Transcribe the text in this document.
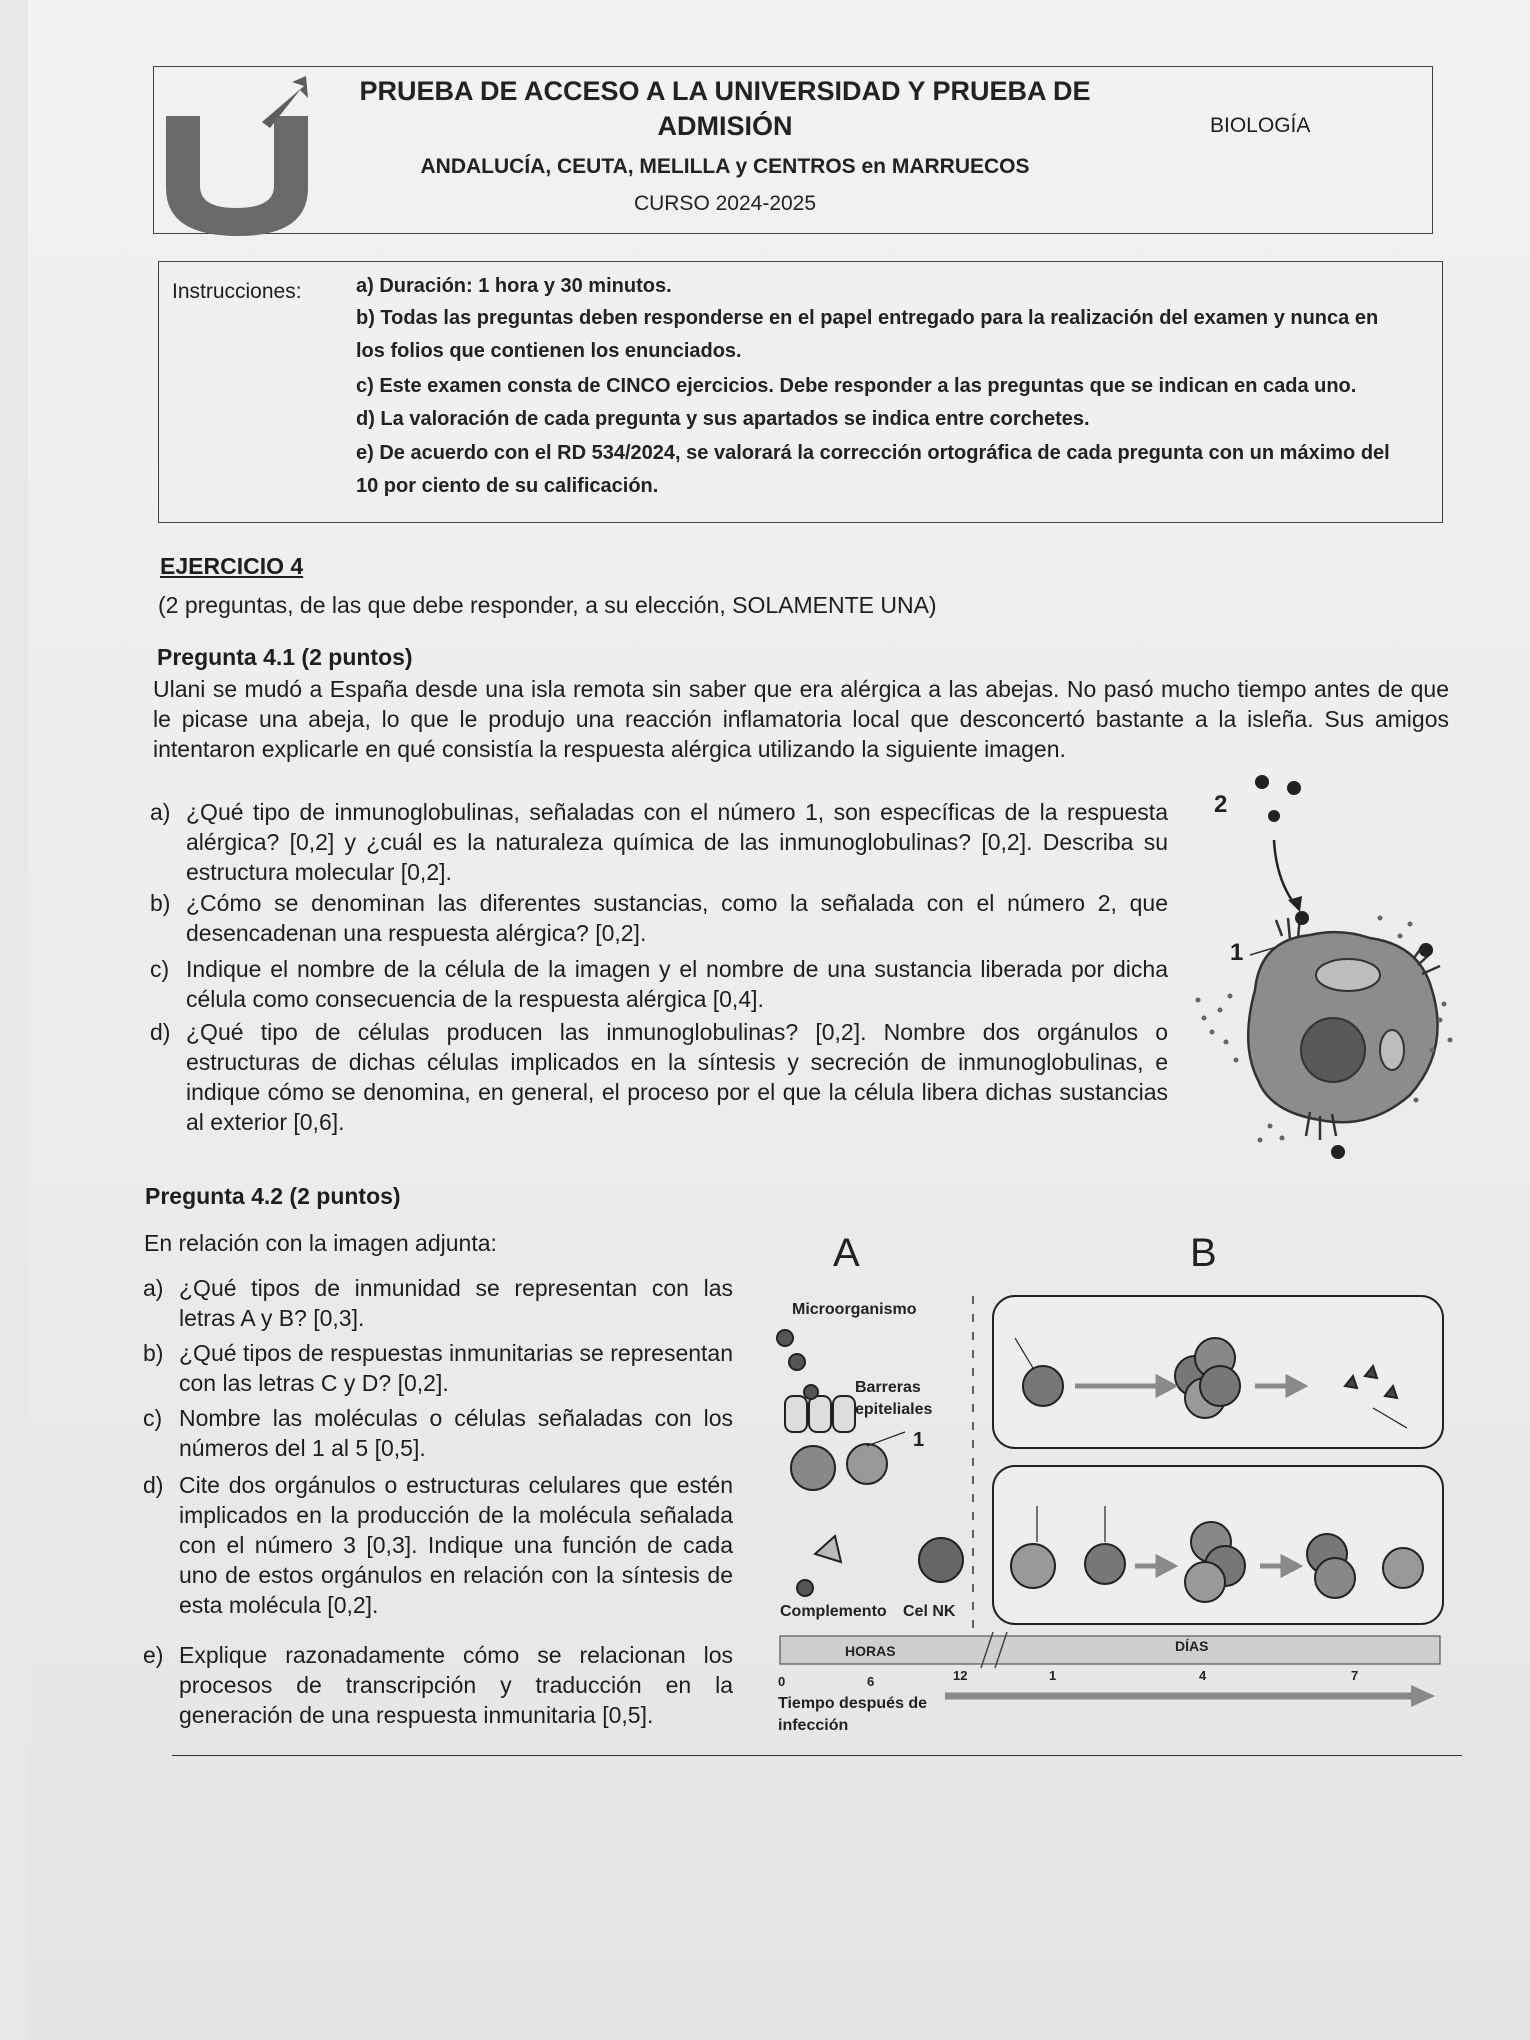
PRUEBA DE ACCESO A LA UNIVERSIDAD Y PRUEBA DE
ADMISIÓN
ANDALUCÍA, CEUTA, MELILLA y CENTROS en MARRUECOS
CURSO 2024-2025
BIOLOGÍA
Instrucciones:	a) Duración: 1 hora y 30 minutos.
b) Todas las preguntas deben responderse en el papel entregado para la realización del examen y nunca en los folios que contienen los enunciados.
c) Este examen consta de CINCO ejercicios. Debe responder a las preguntas que se indican en cada uno.
d) La valoración de cada pregunta y sus apartados se indica entre corchetes.
e) De acuerdo con el RD 534/2024, se valorará la corrección ortográfica de cada pregunta con un máximo del 10 por ciento de su calificación.
EJERCICIO 4
(2 preguntas, de las que debe responder, a su elección, SOLAMENTE UNA)
Pregunta 4.1 (2 puntos)
Ulani se mudó a España desde una isla remota sin saber que era alérgica a las abejas. No pasó mucho tiempo antes de que le picase una abeja, lo que le produjo una reacción inflamatoria local que desconcertó bastante a la isleña. Sus amigos intentaron explicarle en qué consistía la respuesta alérgica utilizando la siguiente imagen.
a) ¿Qué tipo de inmunoglobulinas, señaladas con el número 1, son específicas de la respuesta alérgica? [0,2] y ¿cuál es la naturaleza química de las inmunoglobulinas? [0,2]. Describa su estructura molecular [0,2].
b) ¿Cómo se denominan las diferentes sustancias, como la señalada con el número 2, que desencadenan una respuesta alérgica? [0,2].
c) Indique el nombre de la célula de la imagen y el nombre de una sustancia liberada por dicha célula como consecuencia de la respuesta alérgica [0,4].
d) ¿Qué tipo de células producen las inmunoglobulinas? [0,2]. Nombre dos orgánulos o estructuras de dichas células implicados en la síntesis y secreción de inmunoglobulinas, e indique cómo se denomina, en general, el proceso por el que la célula libera dichas sustancias al exterior [0,6].
2
1
Pregunta 4.2 (2 puntos)
En relación con la imagen adjunta:
a) ¿Qué tipos de inmunidad se representan con las letras A y B? [0,3].
b) ¿Qué tipos de respuestas inmunitarias se representan con las letras C y D? [0,2].
c) Nombre las moléculas o células señaladas con los números del 1 al 5 [0,5].
d) Cite dos orgánulos o estructuras celulares que estén implicados en la producción de la molécula señalada con el número 3 [0,3]. Indique una función de cada uno de estos orgánulos en relación con la síntesis de esta molécula [0,2].
e) Explique razonadamente cómo se relacionan los procesos de transcripción y traducción en la generación de una respuesta inmunitaria [0,5].
A	B
Microorganismo
Barreras
epiteliales
Complemento Cel NK
1
HORAS	DÍAS
0	6	12	1	4	7
Tiempo después de
infección
